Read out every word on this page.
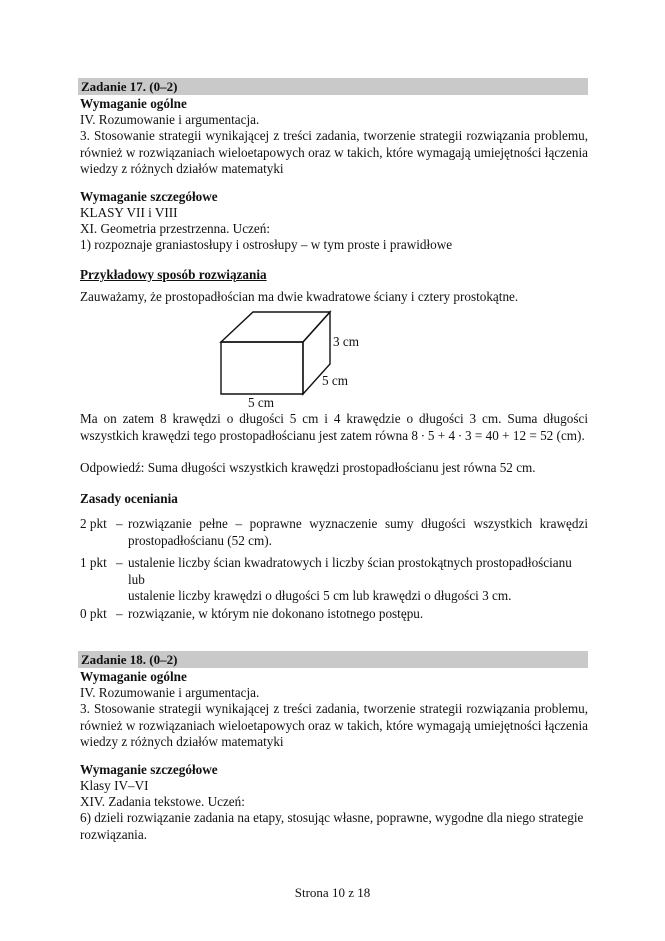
Zadanie 17. (0–2)

Wymaganie ogólne

IV. Rozumowanie i argumentacja.

3. Stosowanie strategii wynikającej z treści zadania, tworzenie strategii rozwiązania problemu, również w rozwiązaniach wieloetapowych oraz w takich, które wymagają umiejętności łączenia wiedzy z różnych działów matematyki

Wymaganie szczegółowe

KLASY VII i VIII

XI. Geometria przestrzenna. Uczeń:

1) rozpoznaje graniastosłupy i ostrosłupy – w tym proste i prawidłowe

Przykładowy sposób rozwiązania

Zauważamy, że prostopadłościan ma dwie kwadratowe ściany i cztery prostokątne.

3 cm
5 cm
5 cm

Ma on zatem 8 krawędzi o długości 5 cm i 4 krawędzie o długości 3 cm. Suma długości wszystkich krawędzi tego prostopadłościanu jest zatem równa 8 ∙ 5 + 4 ∙ 3 = 40 + 12 = 52 (cm).

Odpowiedź: Suma długości wszystkich krawędzi prostopadłościanu jest równa 52 cm.

Zasady oceniania

2 pkt – rozwiązanie pełne – poprawne wyznaczenie sumy długości wszystkich krawędzi prostopadłościanu (52 cm).
1 pkt – ustalenie liczby ścian kwadratowych i liczby ścian prostokątnych prostopadłościanu
lub
ustalenie liczby krawędzi o długości 5 cm lub krawędzi o długości 3 cm.
0 pkt – rozwiązanie, w którym nie dokonano istotnego postępu.
Zadanie 18. (0–2)

Wymaganie ogólne

IV. Rozumowanie i argumentacja.

3. Stosowanie strategii wynikającej z treści zadania, tworzenie strategii rozwiązania problemu, również w rozwiązaniach wieloetapowych oraz w takich, które wymagają umiejętności łączenia wiedzy z różnych działów matematyki

Wymaganie szczegółowe

Klasy IV–VI

XIV. Zadania tekstowe. Uczeń:

6) dzieli rozwiązanie zadania na etapy, stosując własne, poprawne, wygodne dla niego strategie rozwiązania.

Strona 10 z 18
